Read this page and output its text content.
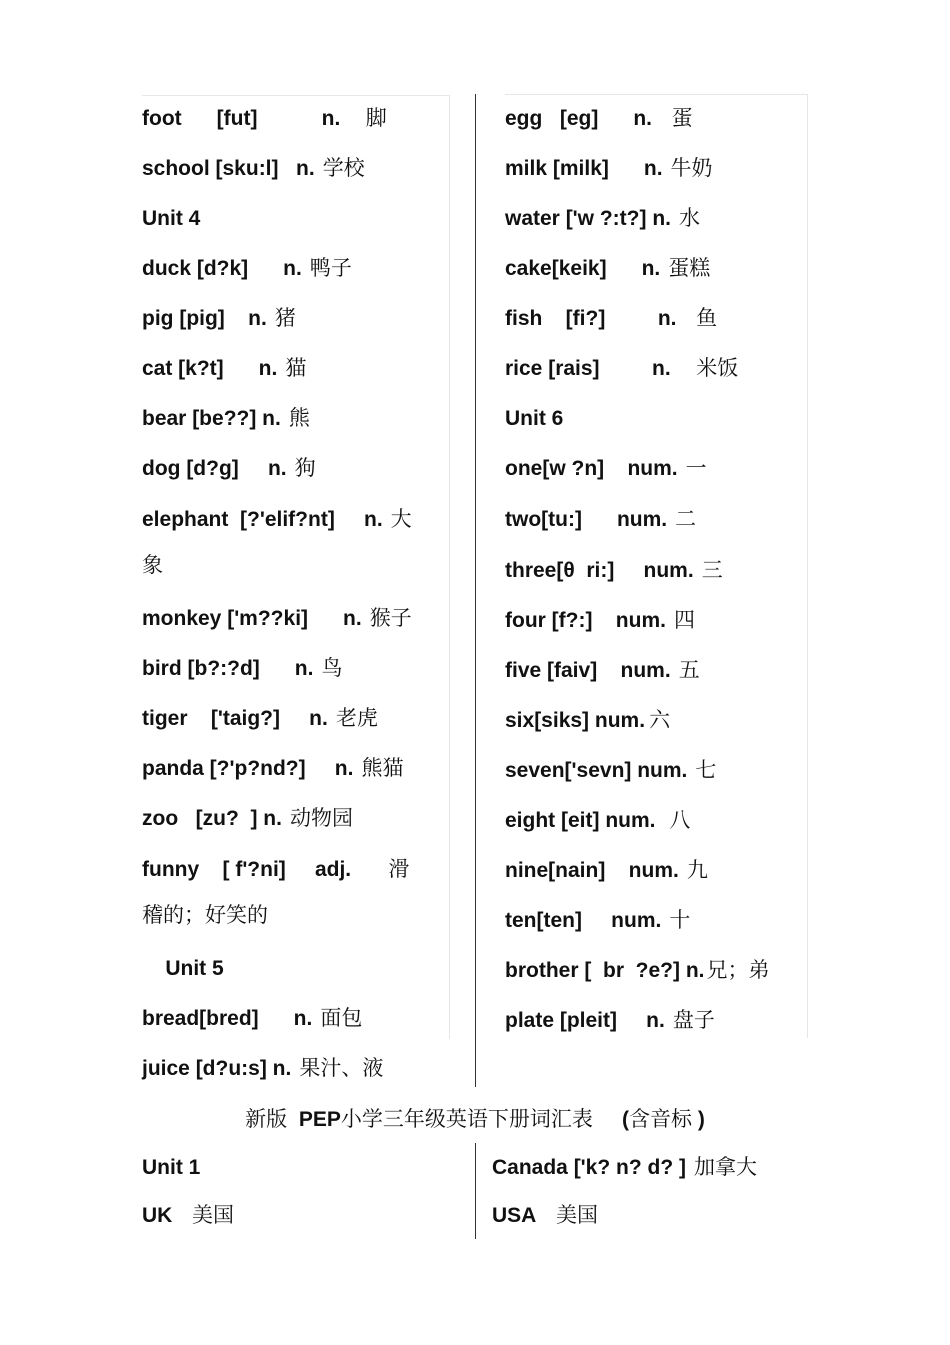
foot      [fut]           n. 脚
school [sku:l]   n. 学校
Unit 4
duck [d?k]      n. 鸭子
pig [piɡ]    n. 猪
cat [k?t]      n. 猫
bear [be??] n. 熊
dog [d?g]     n. 狗
elephant  [?'elif?nt]     n. 大
象
monkey ['m??ki]      n. 猴子
bird [b?:?d]      n. 鸟
tiger    ['taig?]     n. 老虎
panda [?'p?nd?]     n. 熊猫
zoo   [zu?  ] n. 动物园
funny    [ f'?ni]     adj. 滑
稽的；好笑的
Unit 5
bread[bred]      n. 面包
juice [d?u:s] n. 果汁、液
egg   [eg]      n. 蛋
milk [milk]      n. 牛奶
water ['w ?:t?] n. 水
cake[keik]      n. 蛋糕
fish    [fi?]         n. 鱼
rice [rais]         n. 米饭
Unit 6
one[w ?n]    num. 一
two[tu:]      num. 二
three[θ  ri:]     num. 三
four [f?:]    num. 四
five [faiv]    num. 五
six[siks] num. 六
seven['sevn] num. 七
eight [eit] num. 八
nine[nain]    num. 九
ten[ten]     num. 十
brother [  br  ?e?] n. 兄；弟
plate [pleit]     n. 盘子
新版  PEP小学三年级英语下册词汇表     (含音标 )
Unit 1
UK 美国
Canada ['k? n? d? ] 加拿大
USA 美国
